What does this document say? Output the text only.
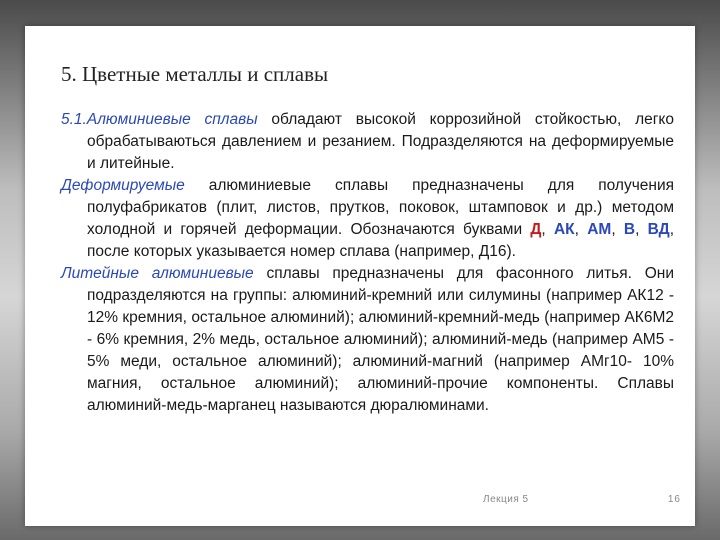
5. Цветные металлы и сплавы

5.1.Алюминиевые сплавы обладают высокой коррозийной стойкостью, легко обрабатываються давлением и резанием. Подразделяются на деформируемые и литейные.

Деформируемые алюминиевые сплавы предназначены для получения полуфабрикатов (плит, листов, прутков, поковок, штамповок и др.) методом холодной и горячей деформации. Обозначаются буквами Д, АК, АМ, В, ВД, после которых указывается номер сплава (например, Д16).

Литейные алюминиевые сплавы предназначены для фасонного литья. Они подразделяются на группы: алюминий-кремний или силумины (например АК12 - 12% кремния, остальное алюминий); алюминий-кремний-медь (например АК6М2 - 6% кремния, 2% медь, остальное алюминий); алюминий-медь (например АМ5 - 5% меди, остальное алюминий); алюминий-магний (например АМг10- 10% магния, остальное алюминий); алюминий-прочие компоненты. Сплавы алюминий-медь-марганец называются дюралюминами.

Лекция 5	16
